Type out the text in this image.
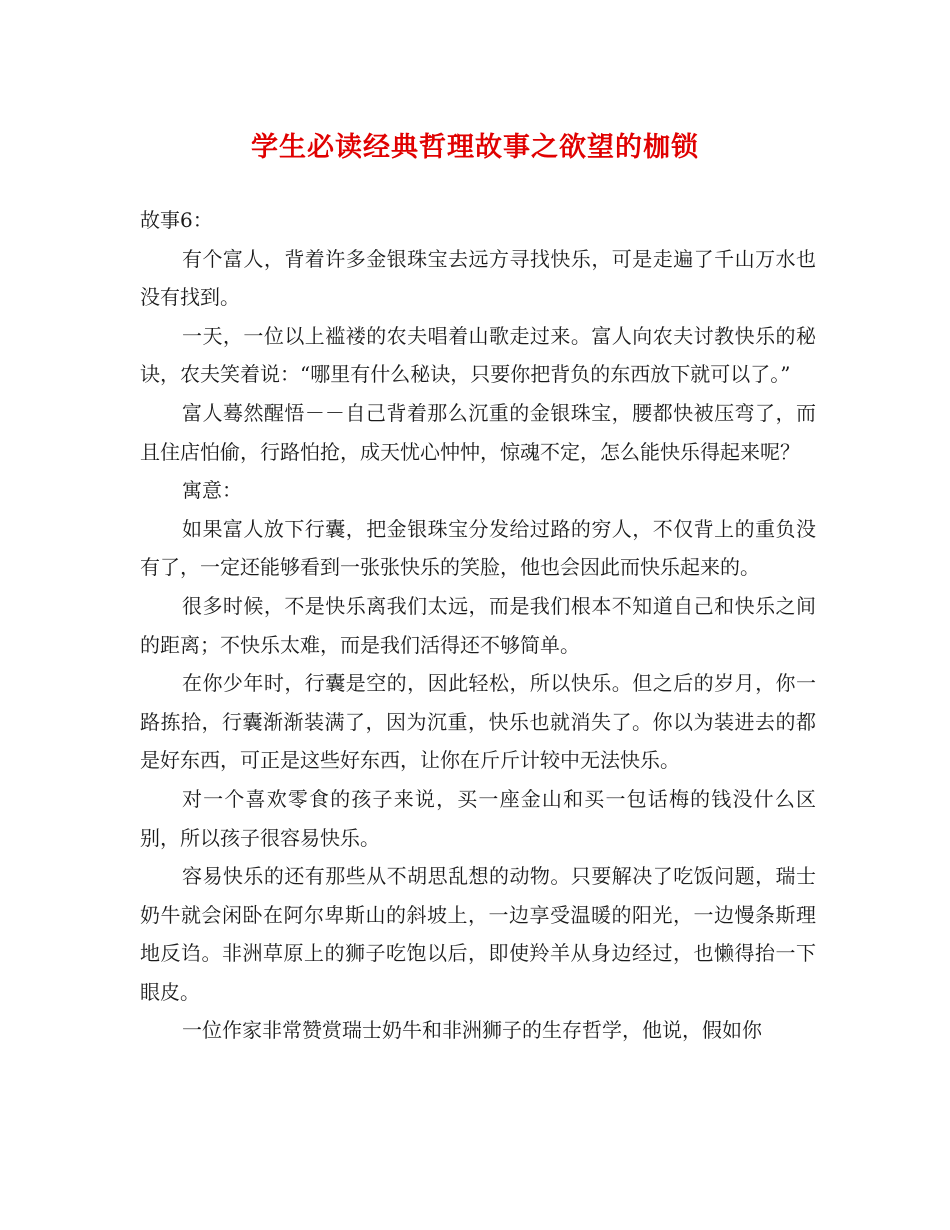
学生必读经典哲理故事之欲望的枷锁

故事6：

有个富人，背着许多金银珠宝去远方寻找快乐，可是走遍了千山万水也没有找到。

一天，一位以上褴褛的农夫唱着山歌走过来。富人向农夫讨教快乐的秘诀，农夫笑着说：“哪里有什么秘诀，只要你把背负的东西放下就可以了。”

富人蓦然醒悟－－自己背着那么沉重的金银珠宝，腰都快被压弯了，而且住店怕偷，行路怕抢，成天忧心忡忡，惊魂不定，怎么能快乐得起来呢？

寓意：

如果富人放下行囊，把金银珠宝分发给过路的穷人，不仅背上的重负没有了，一定还能够看到一张张快乐的笑脸，他也会因此而快乐起来的。

很多时候，不是快乐离我们太远，而是我们根本不知道自己和快乐之间的距离；不快乐太难，而是我们活得还不够简单。

在你少年时，行囊是空的，因此轻松，所以快乐。但之后的岁月，你一路拣拾，行囊渐渐装满了，因为沉重，快乐也就消失了。你以为装进去的都是好东西，可正是这些好东西，让你在斤斤计较中无法快乐。

对一个喜欢零食的孩子来说，买一座金山和买一包话梅的钱没什么区别，所以孩子很容易快乐。

容易快乐的还有那些从不胡思乱想的动物。只要解决了吃饭问题，瑞士奶牛就会闲卧在阿尔卑斯山的斜坡上，一边享受温暖的阳光，一边慢条斯理地反诌。非洲草原上的狮子吃饱以后，即使羚羊从身边经过，也懒得抬一下眼皮。

一位作家非常赞赏瑞士奶牛和非洲狮子的生存哲学，他说，假如你
